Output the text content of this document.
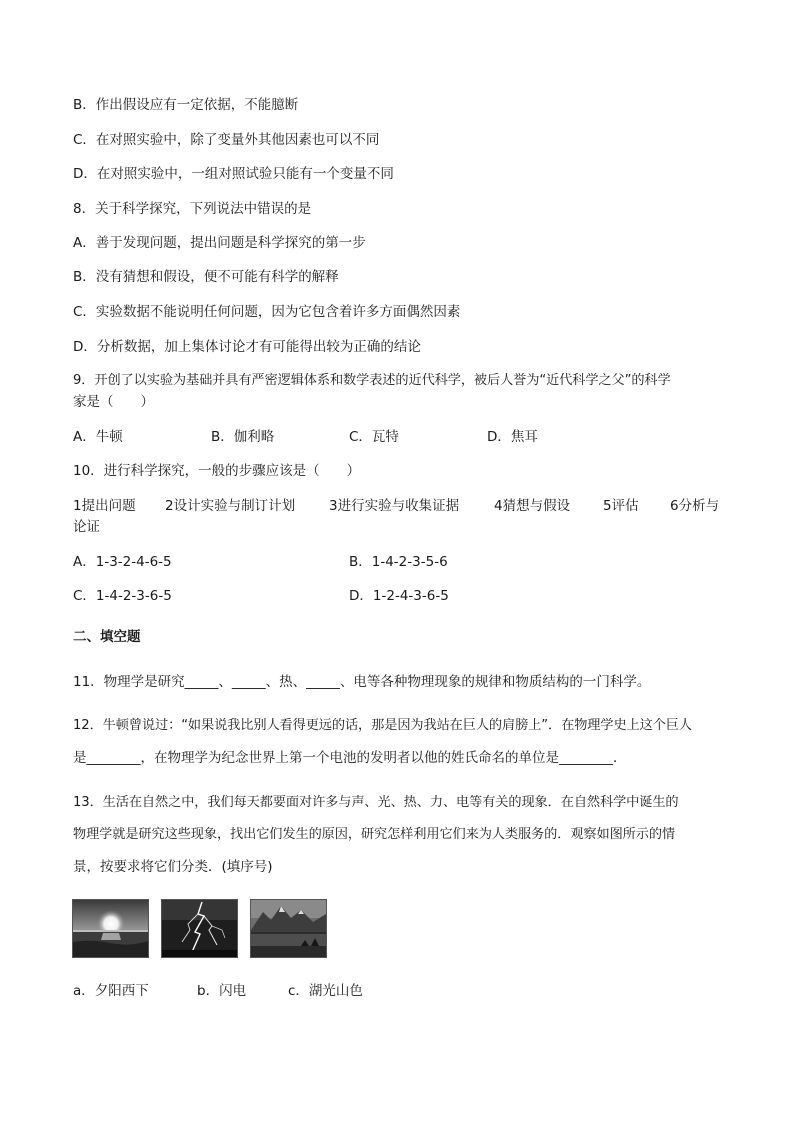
B．作出假设应有一定依据，不能臆断
C．在对照实验中，除了变量外其他因素也可以不同
D．在对照实验中，一组对照试验只能有一个变量不同
8．关于科学探究，下列说法中错误的是
A．善于发现问题，提出问题是科学探究的第一步
B．没有猜想和假设，便不可能有科学的解释
C．实验数据不能说明任何问题，因为它包含着许多方面偶然因素
D．分析数据，加上集体讨论才有可能得出较为正确的结论
9．开创了以实验为基础并具有严密逻辑体系和数学表述的近代科学，被后人誉为“近代科学之父”的科学
家是（　　）
A．牛顿	B．伽利略	C．瓦特	D．焦耳
10．进行科学探究，一般的步骤应该是（　　）
1提出问题 2设计实验与制订计划	3进行实验与收集证据	4猜想与假设 5评估 6分析与
论证
A．1-3-2-4-6-5	B．1-4-2-3-5-6
C．1-4-2-3-6-5	D．1-2-4-3-6-5
二、填空题
11．物理学是研究_____、_____、热、_____、电等各种物理现象的规律和物质结构的一门科学。
12．牛顿曾说过：“如果说我比别人看得更远的话，那是因为我站在巨人的肩膀上”．在物理学史上这个巨人
是________，在物理学为纪念世界上第一个电池的发明者以他的姓氏命名的单位是________．
13．生活在自然之中，我们每天都要面对许多与声、光、热、力、电等有关的现象．在自然科学中诞生的
物理学就是研究这些现象，找出它们发生的原因，研究怎样利用它们来为人类服务的．观察如图所示的情
景，按要求将它们分类．(填序号)
a．夕阳西下	b．闪电	c．湖光山色
